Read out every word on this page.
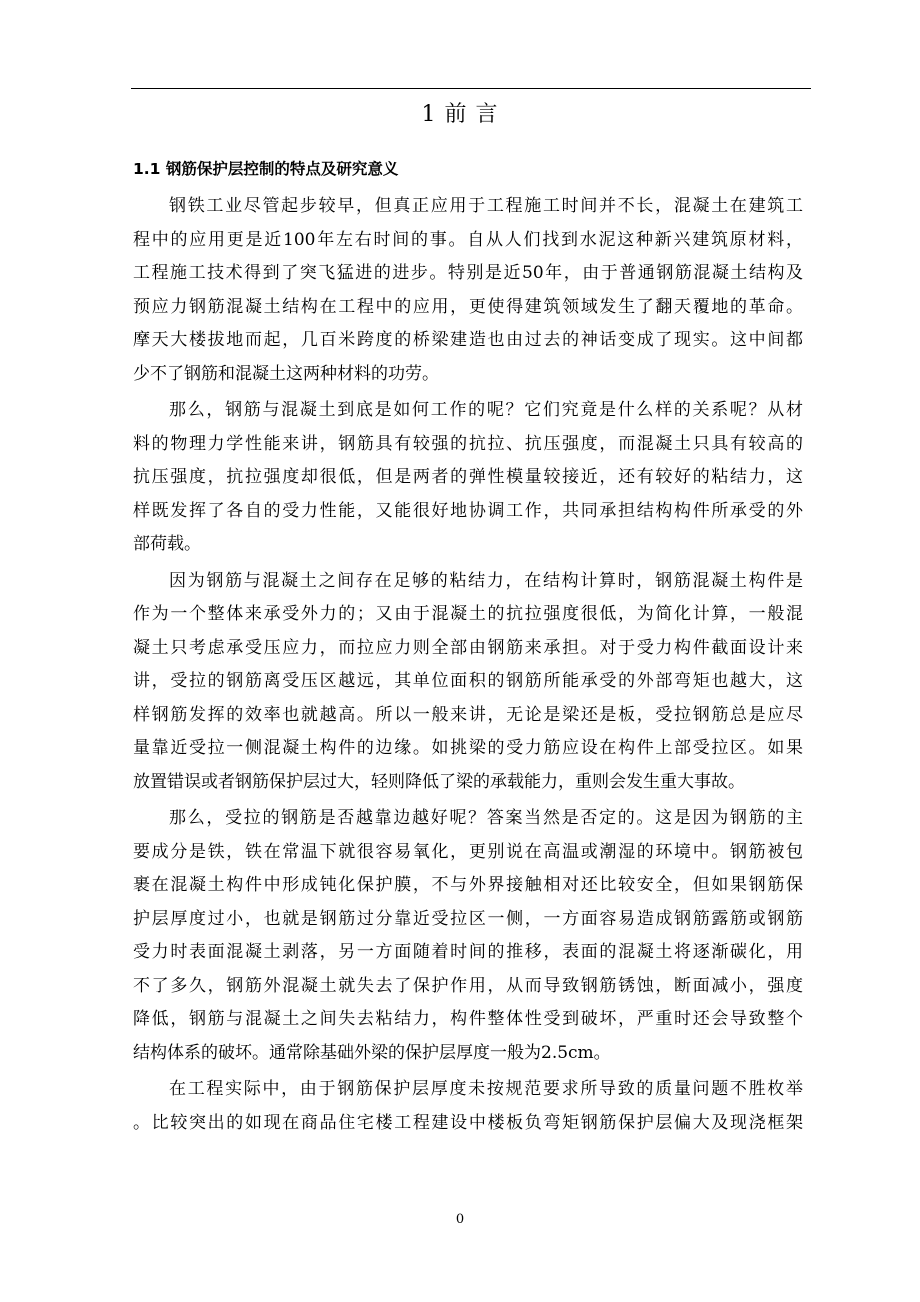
1 前 言
1.1 钢筋保护层控制的特点及研究意义
钢铁工业尽管起步较早，但真正应用于工程施工时间并不长，混凝土在建筑工
程中的应用更是近100年左右时间的事。自从人们找到水泥这种新兴建筑原材料，
工程施工技术得到了突飞猛进的进步。特别是近50年，由于普通钢筋混凝土结构及
预应力钢筋混凝土结构在工程中的应用，更使得建筑领域发生了翻天覆地的革命。
摩天大楼拔地而起，几百米跨度的桥梁建造也由过去的神话变成了现实。这中间都
少不了钢筋和混凝土这两种材料的功劳。
那么，钢筋与混凝土到底是如何工作的呢？它们究竟是什么样的关系呢？从材
料的物理力学性能来讲，钢筋具有较强的抗拉、抗压强度，而混凝土只具有较高的
抗压强度，抗拉强度却很低，但是两者的弹性模量较接近，还有较好的粘结力，这
样既发挥了各自的受力性能，又能很好地协调工作，共同承担结构构件所承受的外
部荷载。
因为钢筋与混凝土之间存在足够的粘结力，在结构计算时，钢筋混凝土构件是
作为一个整体来承受外力的；又由于混凝土的抗拉强度很低，为简化计算，一般混
凝土只考虑承受压应力，而拉应力则全部由钢筋来承担。对于受力构件截面设计来
讲，受拉的钢筋离受压区越远，其单位面积的钢筋所能承受的外部弯矩也越大，这
样钢筋发挥的效率也就越高。所以一般来讲，无论是梁还是板，受拉钢筋总是应尽
量靠近受拉一侧混凝土构件的边缘。如挑梁的受力筋应设在构件上部受拉区。如果
放置错误或者钢筋保护层过大，轻则降低了梁的承载能力，重则会发生重大事故。
那么，受拉的钢筋是否越靠边越好呢？答案当然是否定的。这是因为钢筋的主
要成分是铁，铁在常温下就很容易氧化，更别说在高温或潮湿的环境中。钢筋被包
裹在混凝土构件中形成钝化保护膜，不与外界接触相对还比较安全，但如果钢筋保
护层厚度过小，也就是钢筋过分靠近受拉区一侧，一方面容易造成钢筋露筋或钢筋
受力时表面混凝土剥落，另一方面随着时间的推移，表面的混凝土将逐渐碳化，用
不了多久，钢筋外混凝土就失去了保护作用，从而导致钢筋锈蚀，断面减小，强度
降低，钢筋与混凝土之间失去粘结力，构件整体性受到破坏，严重时还会导致整个
结构体系的破坏。通常除基础外梁的保护层厚度一般为2.5cm。
在工程实际中，由于钢筋保护层厚度未按规范要求所导致的质量问题不胜枚举
。比较突出的如现在商品住宅楼工程建设中楼板负弯矩钢筋保护层偏大及现浇框架
0
